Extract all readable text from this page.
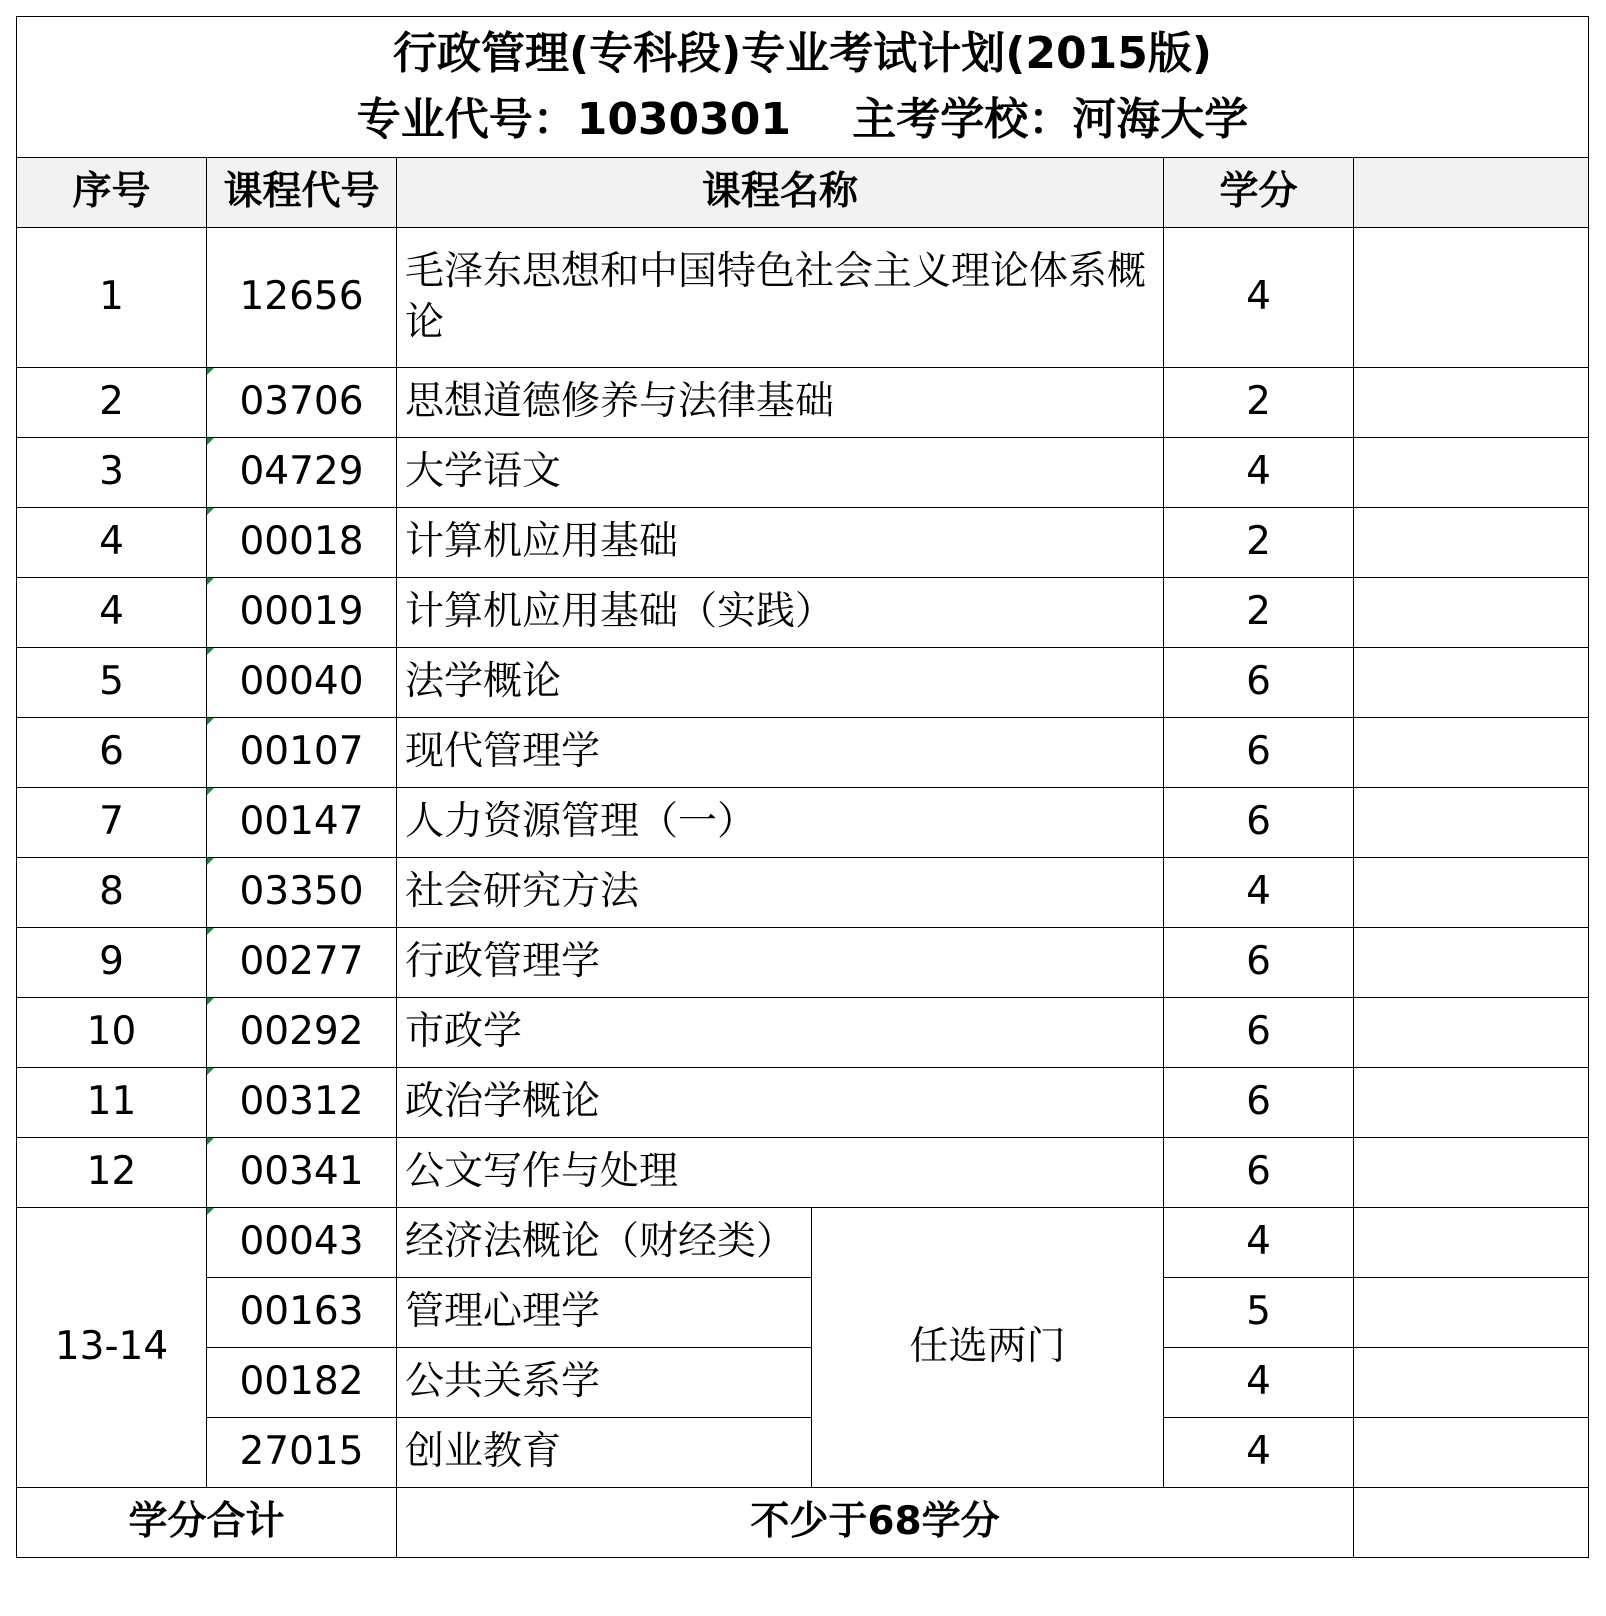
行政管理(专科段)专业考试计划(2015版)
专业代号：1030301    主考学校：河海大学					

序号	课程代号	课程名称		学分	
1	12656	毛泽东思想和中国特色社会主义理论体系概论		4	
2	03706	思想道德修养与法律基础		2	
3	04729	大学语文		4	
4	00018	计算机应用基础		2	
4	00019	计算机应用基础（实践）		2	
5	00040	法学概论		6	
6	00107	现代管理学		6	
7	00147	人力资源管理（一）		6	
8	03350	社会研究方法		4	
9	00277	行政管理学		6	
10	00292	市政学		6	
11	00312	政治学概论		6	
12	00341	公文写作与处理		6	
13-14	00043	经济法概论（财经类）	任选两门	4	
	00163	管理心理学		5	
	00182	公共关系学		4	
	27015	创业教育		4	
学分合计		不少于68学分			
